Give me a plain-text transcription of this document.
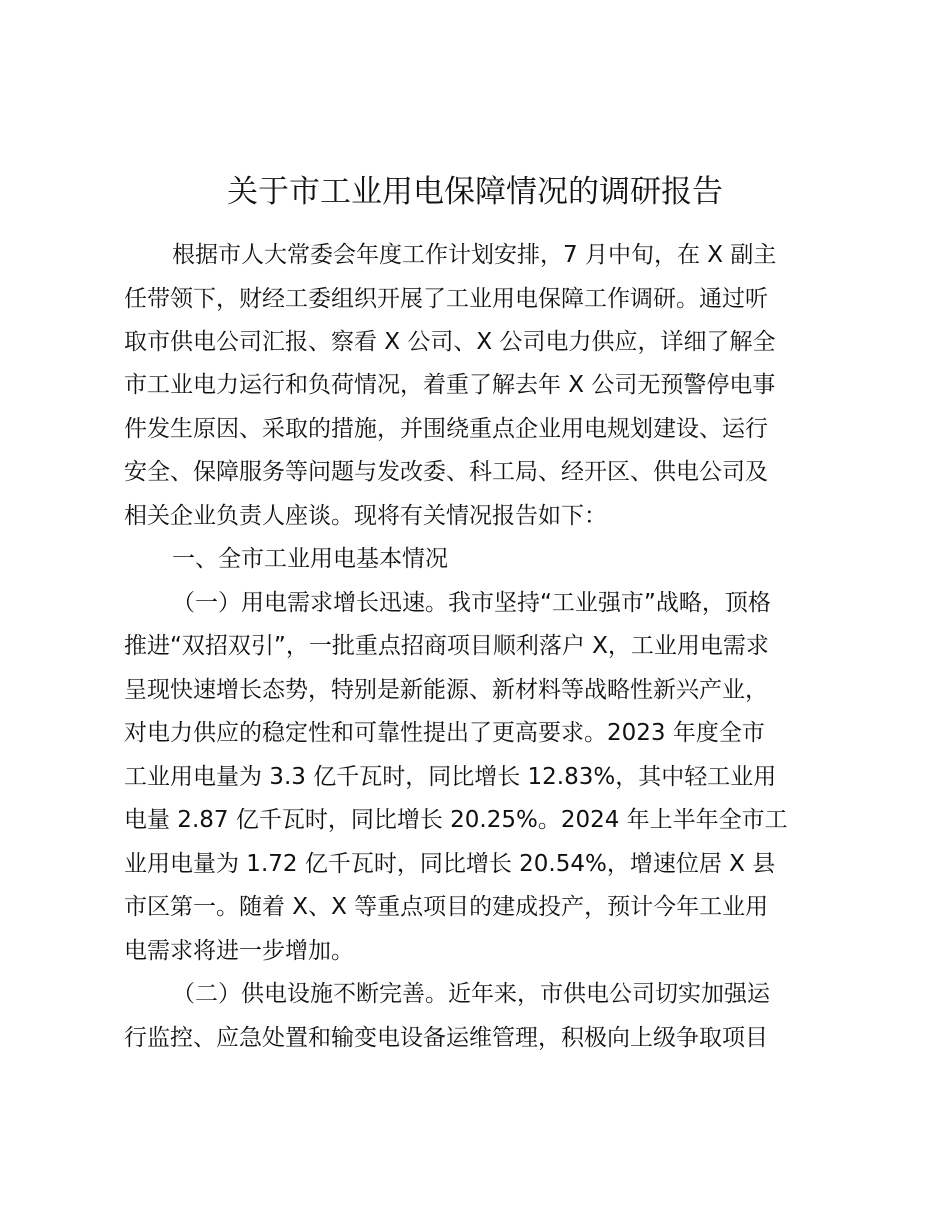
关于市工业用电保障情况的调研报告

根据市人大常委会年度工作计划安排，7 月中旬，在 X 副主

任带领下，财经工委组织开展了工业用电保障工作调研。通过听

取市供电公司汇报、察看 X 公司、X 公司电力供应，详细了解全

市工业电力运行和负荷情况，着重了解去年 X 公司无预警停电事

件发生原因、采取的措施，并围绕重点企业用电规划建设、运行

安全、保障服务等问题与发改委、科工局、经开区、供电公司及

相关企业负责人座谈。现将有关情况报告如下：

一、全市工业用电基本情况

（一）用电需求增长迅速。我市坚持“工业强市”战略，顶格

推进“双招双引”，一批重点招商项目顺利落户 X，工业用电需求

呈现快速增长态势，特别是新能源、新材料等战略性新兴产业，

对电力供应的稳定性和可靠性提出了更高要求。2023 年度全市

工业用电量为 3.3 亿千瓦时，同比增长 12.83%，其中轻工业用

电量 2.87 亿千瓦时，同比增长 20.25%。2024 年上半年全市工

业用电量为 1.72 亿千瓦时，同比增长 20.54%，增速位居 X 县

市区第一。随着 X、X 等重点项目的建成投产，预计今年工业用

电需求将进一步增加。

（二）供电设施不断完善。近年来，市供电公司切实加强运

行监控、应急处置和输变电设备运维管理，积极向上级争取项目
